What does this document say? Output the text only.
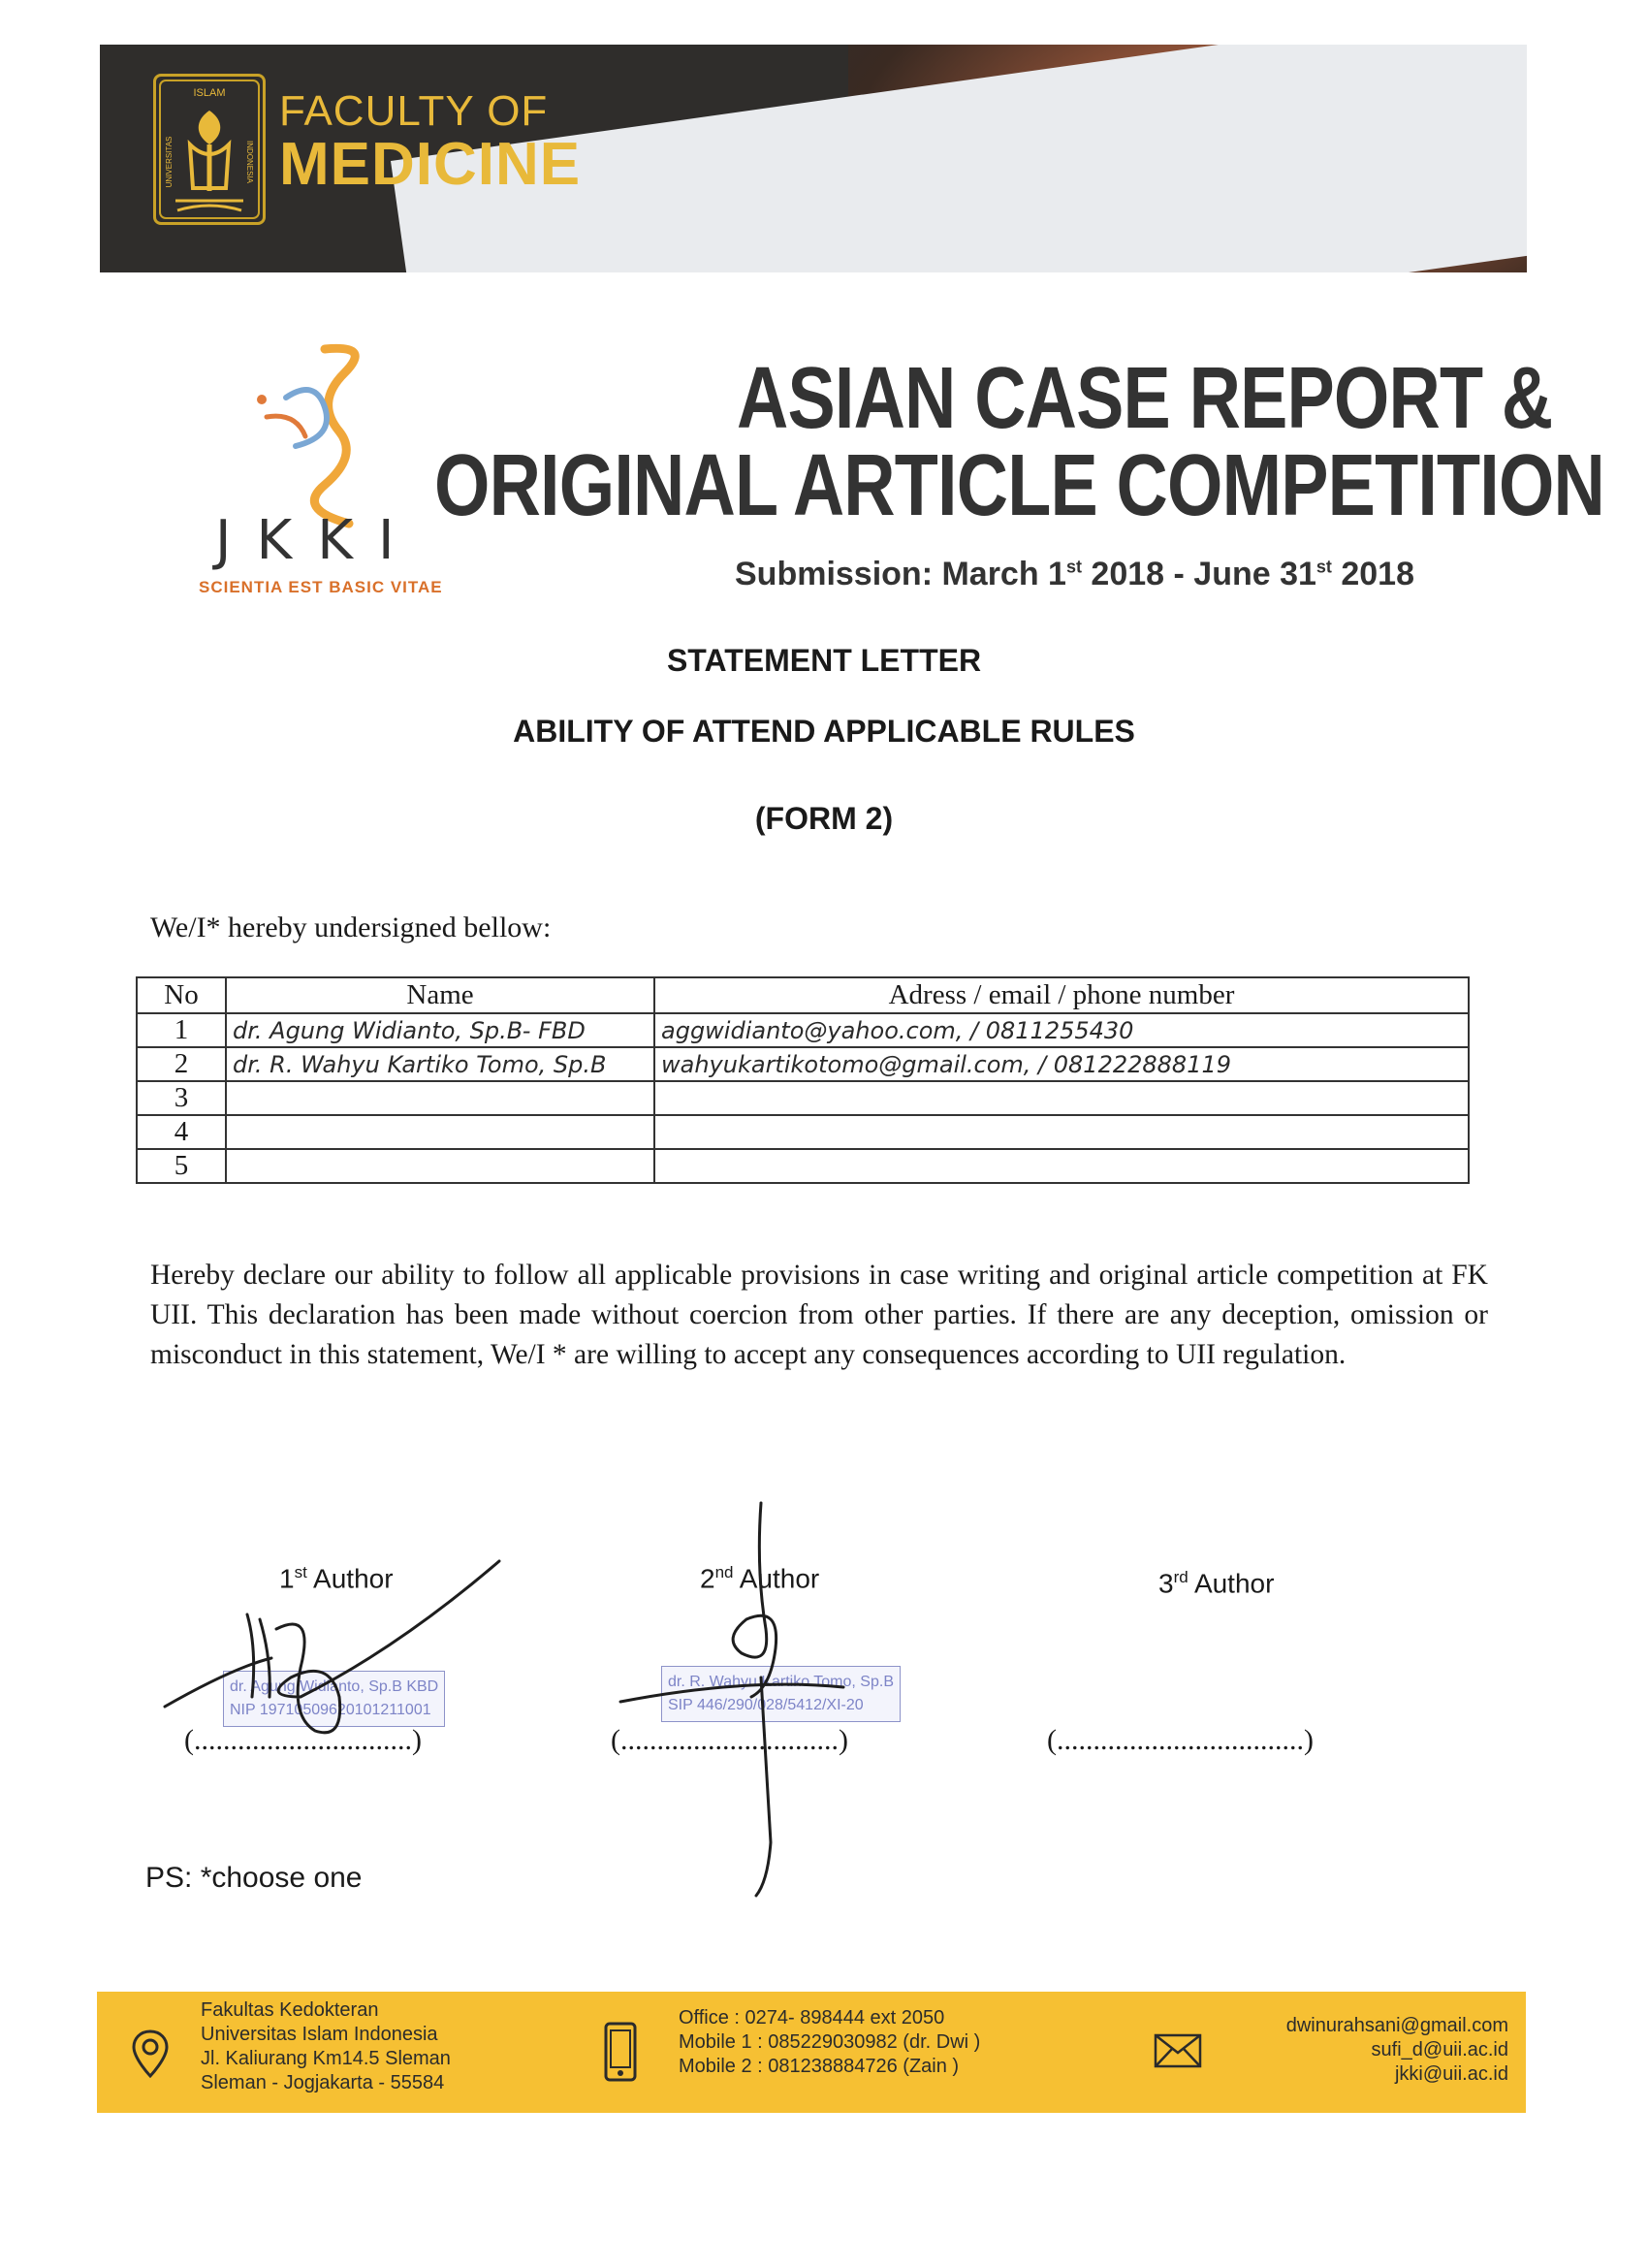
ISLAM
UNIVERSITAS	INDONESIA
FACULTY OF
MEDICINE
JKKI
SCIENTIA EST BASIC VITAE
ASIAN CASE REPORT &
ORIGINAL ARTICLE COMPETITION
Submission: March 1st 2018 - June 31st 2018
STATEMENT LETTER
ABILITY OF ATTEND APPLICABLE RULES
(FORM 2)
We/I* hereby undersigned bellow:
No	Name	Adress / email / phone number
1	dr. Agung Widianto, Sp.B- FBD	aggwidianto@yahoo.com, / 0811255430
2	dr. R. Wahyu Kartiko Tomo, Sp.B	wahyukartikotomo@gmail.com, / 081222888119
3		
4		
5		
Hereby declare our ability to follow all applicable provisions in case writing and original article competition at FK UII. This declaration has been made without coercion from other parties. If there are any deception, omission or misconduct in this statement, We/I * are willing to accept any consequences according to UII regulation.
1st Author
dr. Agung Widianto, Sp.B KBD
NIP 19710509620101211001
(..............................)
2nd Author
dr. R. Wahyu Kartiko Tomo, Sp.B
SIP 446/290/028/5412/XI-20
(..............................)
3rd Author
(..................................)
PS: *choose one
Fakultas Kedokteran
Universitas Islam Indonesia
Jl. Kaliurang Km14.5 Sleman
Sleman - Jogjakarta - 55584
Office : 0274- 898444 ext 2050
Mobile 1 : 085229030982 (dr. Dwi )
Mobile 2 : 081238884726 (Zain )
dwinurahsani@gmail.com
sufi_d@uii.ac.id
jkki@uii.ac.id
